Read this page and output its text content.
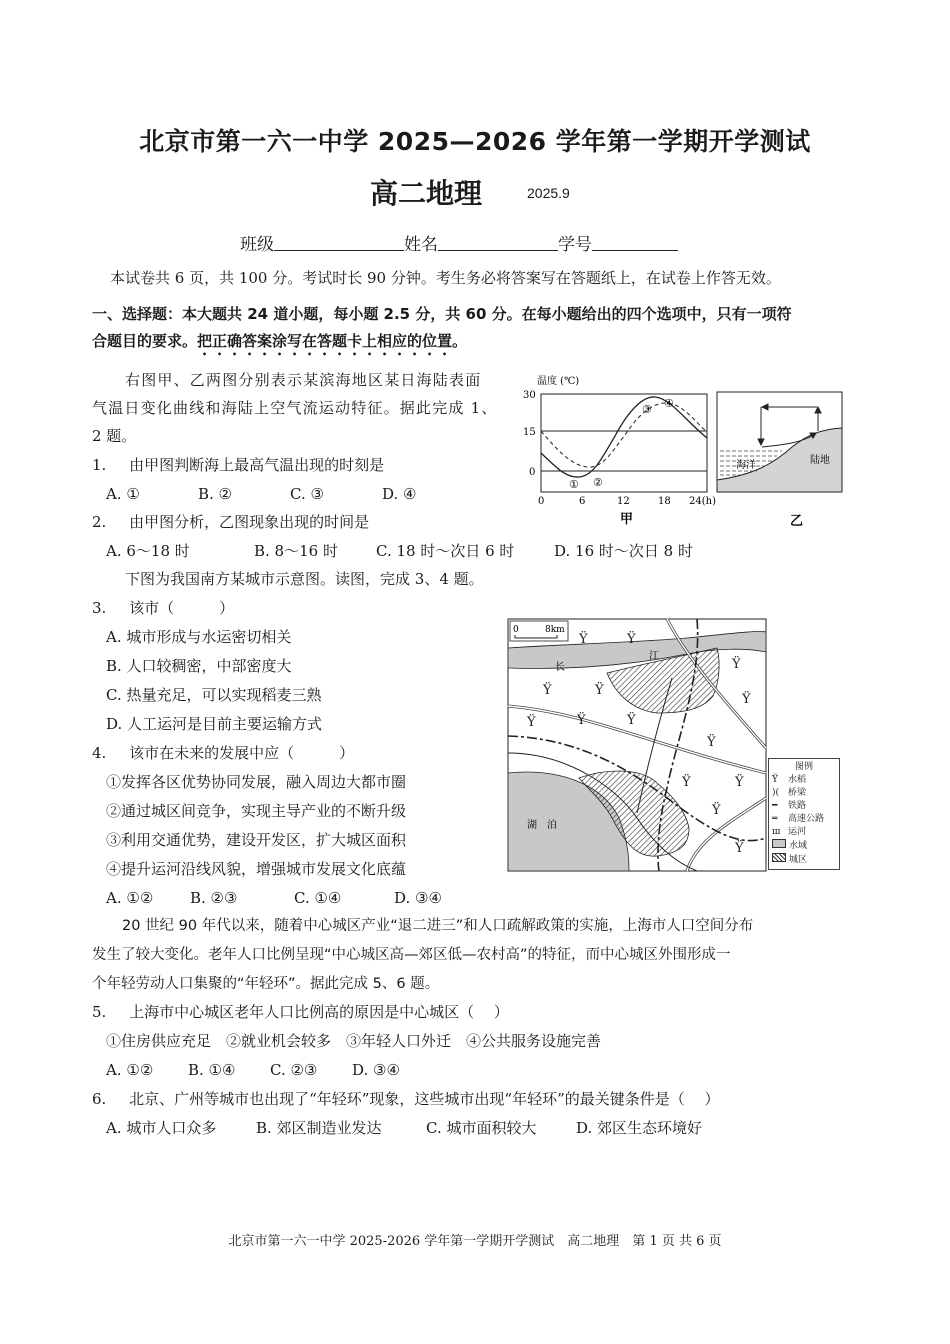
北京市第一六一中学 2025—2026 学年第一学期开学测试
高二地理	2025.9
班级	姓名	学号
本试卷共 6 页，共 100 分。考试时长 90 分钟。考生务必将答案写在答题纸上，在试卷上作答无效。
一、选择题：本大题共 24 道小题，每小题 2.5 分，共 60 分。在每小题给出的四个选项中，只有一项符
合题目的要求。把正确答案涂写在答题卡上相应的位置。
右图甲、乙两图分别表示某滨海地区某日海陆表面
气温日变化曲线和海陆上空气流运动特征。据此完成 1、
2 题。
1. 由甲图判断海上最高气温出现的时刻是
A. ①	B. ②	C. ③	D. ④
2. 由甲图分析，乙图现象出现的时间是
A. 6～18 时	B. 8～16 时	C. 18 时～次日 6 时	D. 16 时～次日 8 时
温度 (℃)
30
15
0
① ②
③ ④
0	6	12	18 24(h)
甲
海洋	陆地
乙
下图为我国南方某城市示意图。读图，完成 3、4 题。
3. 该市（　　　）
A. 城市形成与水运密切相关
B. 人口较稠密，中部密度大
C. 热量充足，可以实现稻麦三熟
D. 人工运河是目前主要运输方式
4. 该市在未来的发展中应（　　　）
①发挥各区优势协同发展，融入周边大都市圈
②通过城区间竞争，实现主导产业的不断升级
③利用交通优势，建设开发区，扩大城区面积
④提升运河沿线风貌，增强城市发展文化底蕴
A. ①② B. ②③	C. ①④	D. ③④
长
江
湖　泊
0	8km
Ϋ	Ϋ
Ϋ
Ϋ	Ϋ
Ϋ
Ϋ	Ϋ	Ϋ
Ϋ
Ϋ	Ϋ
Ϋ
Ϋ
图例
Ϋ 水稻
)( 桥梁
━ 铁路
═ 高速公路
ш 运河
水域
城区
20 世纪 90 年代以来，随着中心城区产业“退二进三”和人口疏解政策的实施，上海市人口空间分布
发生了较大变化。老年人口比例呈现“中心城区高—郊区低—农村高”的特征，而中心城区外围形成一
个年轻劳动人口集聚的“年轻环”。据此完成 5、6 题。
5. 上海市中心城区老年人口比例高的原因是中心城区（　 ）
①住房供应充足　②就业机会较多　③年轻人口外迁　④公共服务设施完善
A. ①② B. ①④ C. ②③ D. ③④
6. 北京、广州等城市也出现了“年轻环”现象，这些城市出现“年轻环”的最关键条件是（　 ）
A. 城市人口众多	B. 郊区制造业发达	C. 城市面积较大	D. 郊区生态环境好
北京市第一六一中学 2025-2026 学年第一学期开学测试　高二地理　第 1 页 共 6 页
